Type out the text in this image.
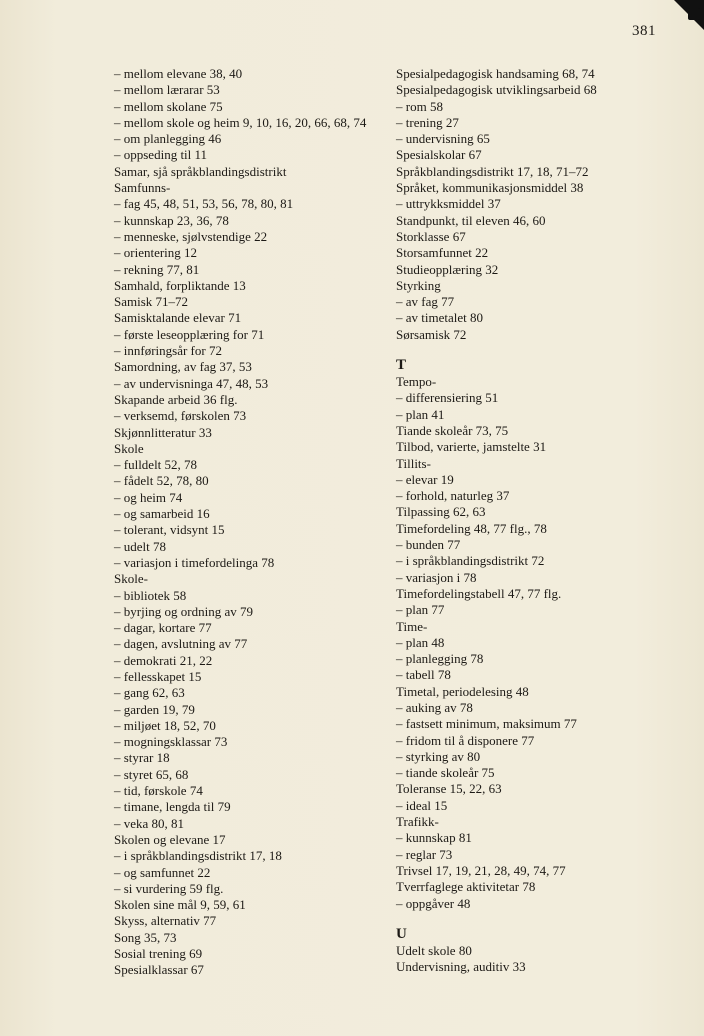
381
– mellom elevane 38, 40
– mellom lærarar 53
– mellom skolane 75
– mellom skole og heim 9, 10, 16, 20, 66, 68, 74
– om planlegging 46
– oppseding til 11
Samar, sjå språkblandingsdistrikt
Samfunns-
– fag 45, 48, 51, 53, 56, 78, 80, 81
– kunnskap 23, 36, 78
– menneske, sjølvstendige 22
– orientering 12
– rekning 77, 81
Samhald, forpliktande 13
Samisk 71–72
Samisktalande elevar 71
– første leseopplæring for 71
– innføringsår for 72
Samordning, av fag 37, 53
– av undervisninga 47, 48, 53
Skapande arbeid 36 flg.
– verksemd, førskolen 73
Skjønnlitteratur 33
Skole
– fulldelt 52, 78
– fådelt 52, 78, 80
– og heim 74
– og samarbeid 16
– tolerant, vidsynt 15
– udelt 78
– variasjon i timefordelinga 78
Skole-
– bibliotek 58
– byrjing og ordning av 79
– dagar, kortare 77
– dagen, avslutning av 77
– demokrati 21, 22
– fellesskapet 15
– gang 62, 63
– garden 19, 79
– miljøet 18, 52, 70
– mogningsklassar 73
– styrar 18
– styret 65, 68
– tid, førskole 74
– timane, lengda til 79
– veka 80, 81
Skolen og elevane 17
– i språkblandingsdistrikt 17, 18
– og samfunnet 22
– si vurdering 59 flg.
Skolen sine mål 9, 59, 61
Skyss, alternativ 77
Song 35, 73
Sosial trening 69
Spesialklassar 67
Spesialpedagogisk handsaming 68, 74
Spesialpedagogisk utviklingsarbeid 68
– rom 58
– trening 27
– undervisning 65
Spesialskolar 67
Språkblandingsdistrikt 17, 18, 71–72
Språket, kommunikasjonsmiddel 38
– uttrykksmiddel 37
Standpunkt, til eleven 46, 60
Storklasse 67
Storsamfunnet 22
Studieopplæring 32
Styrking
– av fag 77
– av timetalet 80
Sørsamisk 72
T
Tempo-
– differensiering 51
– plan 41
Tiande skoleår 73, 75
Tilbod, varierte, jamstelte 31
Tillits-
– elevar 19
– forhold, naturleg 37
Tilpassing 62, 63
Timefordeling 48, 77 flg., 78
– bunden 77
– i språkblandingsdistrikt 72
– variasjon i 78
Timefordelingstabell 47, 77 flg.
– plan 77
Time-
– plan 48
– planlegging 78
– tabell 78
Timetal, periodelesing 48
– auking av 78
– fastsett minimum, maksimum 77
– fridom til å disponere 77
– styrking av 80
– tiande skoleår 75
Toleranse 15, 22, 63
– ideal 15
Trafikk-
– kunnskap 81
– reglar 73
Trivsel 17, 19, 21, 28, 49, 74, 77
Tverrfaglege aktivitetar 78
– oppgåver 48
U
Udelt skole 80
Undervisning, auditiv 33
